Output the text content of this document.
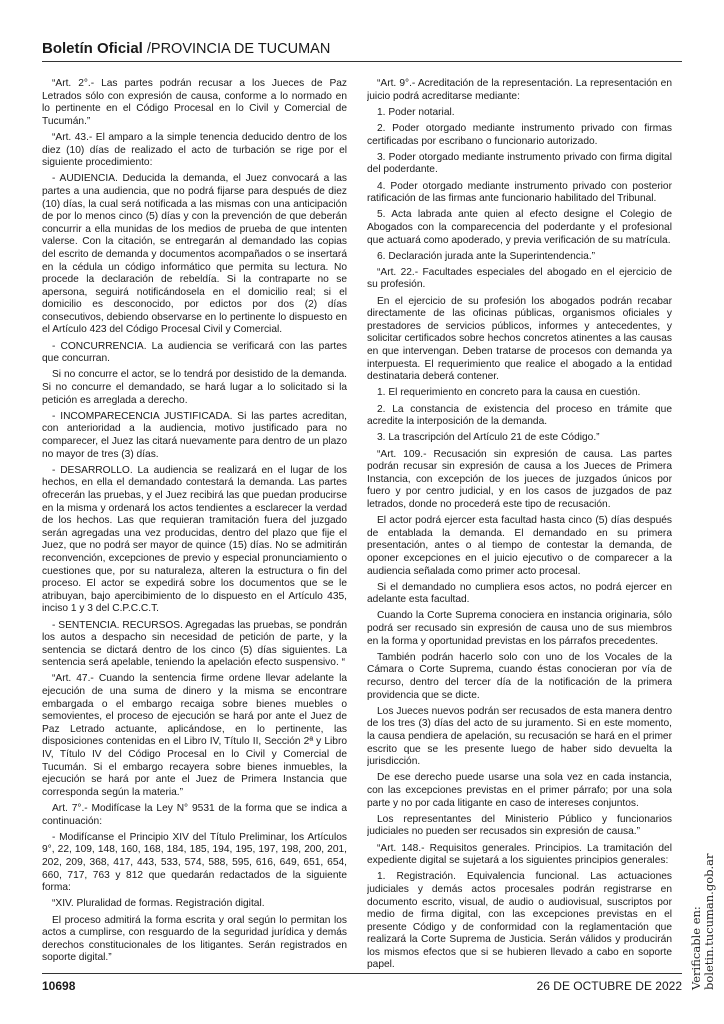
Boletín Oficial /PROVINCIA DE TUCUMAN

“Art. 2°.- Las partes podrán recusar a los Jueces de Paz Letrados sólo con expresión de causa, conforme a lo normado en lo pertinente en el Código Procesal en lo Civil y Comercial de Tucumán.”

“Art. 43.- El amparo a la simple tenencia deducido dentro de los diez (10) días de realizado el acto de turbación se rige por el siguiente procedimiento:

- AUDIENCIA. Deducida la demanda, el Juez convocará a las partes a una audiencia, que no podrá fijarse para después de diez (10) días, la cual será notificada a las mismas con una anticipación de por lo menos cinco (5) días y con la prevención de que deberán concurrir a ella munidas de los medios de prueba de que intenten valerse. Con la citación, se entregarán al demandado las copias del escrito de demanda y documentos acompañados o se insertará en la cédula un código informático que permita su lectura. No procede la declaración de rebeldía. Si la contraparte no se apersona, seguirá notificándosela en el domicilio real; si el domicilio es desconocido, por edictos por dos (2) días consecutivos, debiendo observarse en lo pertinente lo dispuesto en el Artículo 423 del Código Procesal Civil y Comercial.

- CONCURRENCIA. La audiencia se verificará con las partes que concurran.

Si no concurre el actor, se lo tendrá por desistido de la demanda. Si no concurre el demandado, se hará lugar a lo solicitado si la petición es arreglada a derecho.

- INCOMPARECENCIA JUSTIFICADA. Si las partes acreditan, con anterioridad a la audiencia, motivo justificado para no comparecer, el Juez las citará nuevamente para dentro de un plazo no mayor de tres (3) días.

- DESARROLLO. La audiencia se realizará en el lugar de los hechos, en ella el demandado contestará la demanda. Las partes ofrecerán las pruebas, y el Juez recibirá las que puedan producirse en la misma y ordenará los actos tendientes a esclarecer la verdad de los hechos. Las que requieran tramitación fuera del juzgado serán agregadas una vez producidas, dentro del plazo que fije el Juez, que no podrá ser mayor de quince (15) días. No se admitirán reconvención, excepciones de previo y especial pronunciamiento o cuestiones que, por su naturaleza, alteren la estructura o fin del proceso. El actor se expedirá sobre los documentos que se le atribuyan, bajo apercibimiento de lo dispuesto en el Artículo 435, inciso 1 y 3 del C.P.C.C.T.

- SENTENCIA. RECURSOS. Agregadas las pruebas, se pondrán los autos a despacho sin necesidad de petición de parte, y la sentencia se dictará dentro de los cinco (5) días siguientes. La sentencia será apelable, teniendo la apelación efecto suspensivo. “

“Art. 47.- Cuando la sentencia firme ordene llevar adelante la ejecución de una suma de dinero y la misma se encontrare embargada o el embargo recaiga sobre bienes muebles o semovientes, el proceso de ejecución se hará por ante el Juez de Paz Letrado actuante, aplicándose, en lo pertinente, las disposiciones contenidas en el Libro IV, Título II, Sección 2ª y Libro IV, Título IV del Código Procesal en lo Civil y Comercial de Tucumán. Si el embargo recayera sobre bienes inmuebles, la ejecución se hará por ante el Juez de Primera Instancia que corresponda según la materia.”

Art. 7°.- Modifícase la Ley N° 9531 de la forma que se indica a continuación:

- Modifícanse el Principio XIV del Título Preliminar, los Artículos 9°, 22, 109, 148, 160, 168, 184, 185, 194, 195, 197, 198, 200, 201, 202, 209, 368, 417, 443, 533, 574, 588, 595, 616, 649, 651, 654, 660, 717, 763 y 812 que quedarán redactados de la siguiente forma:

“XIV. Pluralidad de formas. Registración digital.

El proceso admitirá la forma escrita y oral según lo permitan los actos a cumplirse, con resguardo de la seguridad jurídica y demás derechos constitucionales de los litigantes. Serán registrados en soporte digital.”

“Art. 9°.- Acreditación de la representación. La representación en juicio podrá acreditarse mediante:

1. Poder notarial.

2. Poder otorgado mediante instrumento privado con firmas certificadas por escribano o funcionario autorizado.

3. Poder otorgado mediante instrumento privado con firma digital del poderdante.

4. Poder otorgado mediante instrumento privado con posterior ratificación de las firmas ante funcionario habilitado del Tribunal.

5. Acta labrada ante quien al efecto designe el Colegio de Abogados con la comparecencia del poderdante y el profesional que actuará como apoderado, y previa verificación de su matrícula.

6. Declaración jurada ante la Superintendencia.”

“Art. 22.- Facultades especiales del abogado en el ejercicio de su profesión.

En el ejercicio de su profesión los abogados podrán recabar directamente de las oficinas públicas, organismos oficiales y prestadores de servicios públicos, informes y antecedentes, y solicitar certificados sobre hechos concretos atinentes a las causas en que intervengan. Deben tratarse de procesos con demanda ya interpuesta. El requerimiento que realice el abogado a la entidad destinataria deberá contener.

1. El requerimiento en concreto para la causa en cuestión.

2. La constancia de existencia del proceso en trámite que acredite la interposición de la demanda.

3. La trascripción del Artículo 21 de este Código.”

“Art. 109.- Recusación sin expresión de causa. Las partes podrán recusar sin expresión de causa a los Jueces de Primera Instancia, con excepción de los jueces de juzgados únicos por fuero y por centro judicial, y en los casos de juzgados de paz letrados, donde no procederá este tipo de recusación.

El actor podrá ejercer esta facultad hasta cinco (5) días después de entablada la demanda. El demandado en su primera presentación, antes o al tiempo de contestar la demanda, de oponer excepciones en el juicio ejecutivo o de comparecer a la audiencia señalada como primer acto procesal.

Si el demandado no cumpliera esos actos, no podrá ejercer en adelante esta facultad.

Cuando la Corte Suprema conociera en instancia originaria, sólo podrá ser recusado sin expresión de causa uno de sus miembros en la forma y oportunidad previstas en los párrafos precedentes.

También podrán hacerlo solo con uno de los Vocales de la Cámara o Corte Suprema, cuando éstas conocieran por vía de recurso, dentro del tercer día de la notificación de la primera providencia que se dicte.

Los Jueces nuevos podrán ser recusados de esta manera dentro de los tres (3) días del acto de su juramento. Si en este momento, la causa pendiera de apelación, su recusación se hará en el primer escrito que se les presente luego de haber sido devuelta la jurisdicción.

De ese derecho puede usarse una sola vez en cada instancia, con las excepciones previstas en el primer párrafo; por una sola parte y no por cada litigante en caso de intereses conjuntos.

Los representantes del Ministerio Público y funcionarios judiciales no pueden ser recusados sin expresión de causa.”

“Art. 148.- Requisitos generales. Principios. La tramitación del expediente digital se sujetará a los siguientes principios generales:

1. Registración. Equivalencia funcional. Las actuaciones judiciales y demás actos procesales podrán registrarse en documento escrito, visual, de audio o audiovisual, suscriptos por medio de firma digital, con las excepciones previstas en el presente Código y de conformidad con la reglamentación que realizará la Corte Suprema de Justicia. Serán válidos y producirán los mismos efectos que si se hubieren llevado a cabo en soporte papel.	Verificable en: boletin.tucuman.gob.ar
10698	26 DE OCTUBRE DE 2022
